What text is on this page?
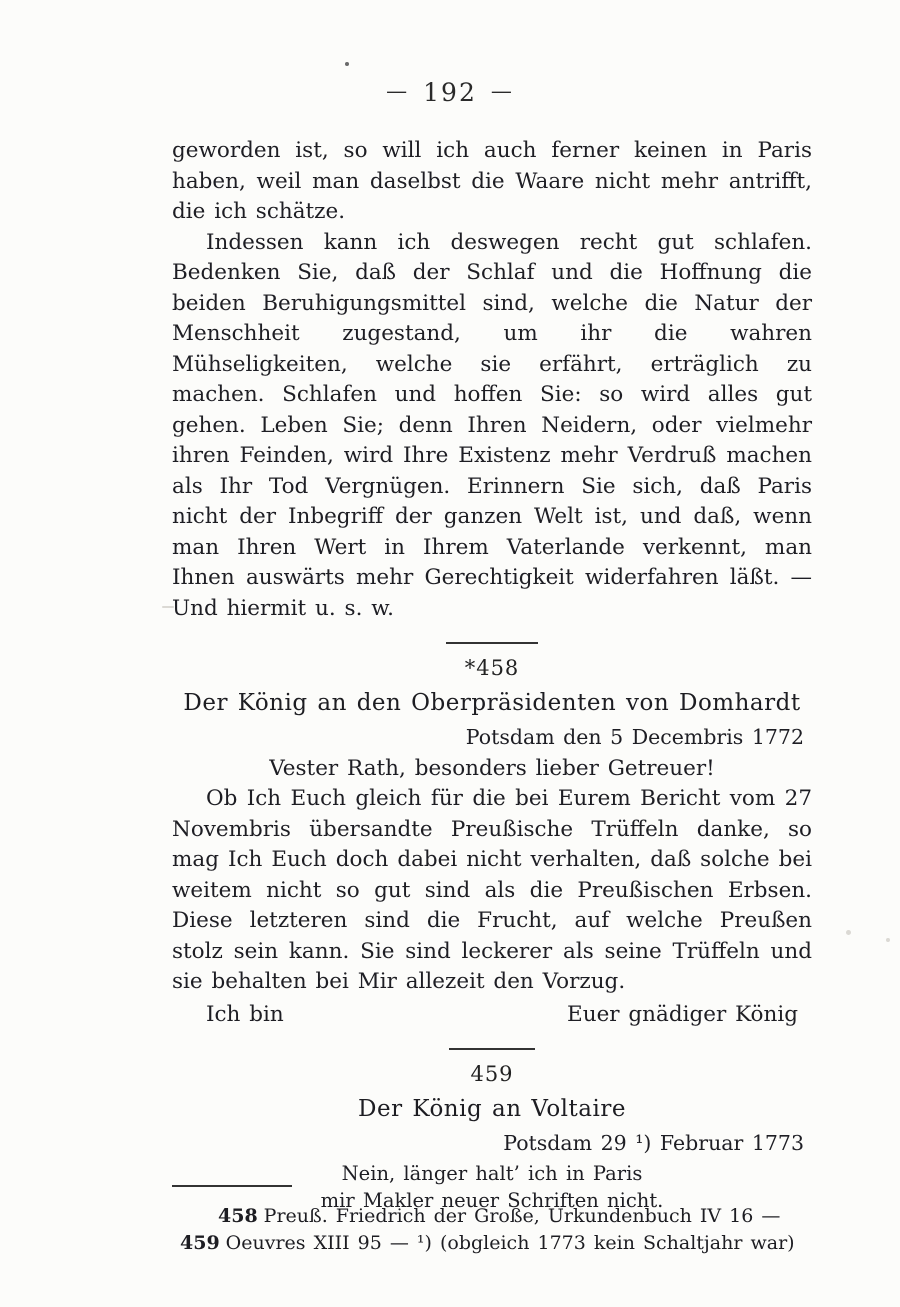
— 192 —

geworden ist, so will ich auch ferner keinen in Paris haben, weil man daselbst die Waare nicht mehr antrifft, die ich schätze.

Indessen kann ich deswegen recht gut schlafen. Bedenken Sie, daß der Schlaf und die Hoffnung die beiden Beruhigungsmittel sind, welche die Natur der Menschheit zugestand, um ihr die wahren Mühseligkeiten, welche sie erfährt, erträglich zu machen. Schlafen und hoffen Sie: so wird alles gut gehen. Leben Sie; denn Ihren Neidern, oder vielmehr ihren Feinden, wird Ihre Existenz mehr Verdruß machen als Ihr Tod Vergnügen. Erinnern Sie sich, daß Paris nicht der Inbegriff der ganzen Welt ist, und daß, wenn man Ihren Wert in Ihrem Vaterlande verkennt, man Ihnen auswärts mehr Gerechtigkeit widerfahren läßt. — Und hiermit u. s. w.

*458
Der König an den Oberpräsidenten von Domhardt
Potsdam den 5 Decembris 1772
Vester Rath, besonders lieber Getreuer!

Ob Ich Euch gleich für die bei Eurem Bericht vom 27 Novembris übersandte Preußische Trüffeln danke, so mag Ich Euch doch dabei nicht verhalten, daß solche bei weitem nicht so gut sind als die Preußischen Erbsen. Diese letzteren sind die Frucht, auf welche Preußen stolz sein kann. Sie sind leckerer als seine Trüffeln und sie behalten bei Mir allezeit den Vorzug.

Ich bin	Euer gnädiger König
459
Der König an Voltaire
Potsdam 29 ¹) Februar 1773
Nein, länger halt’ ich in Paris
mir Makler neuer Schriften nicht.
458 Preuß. Friedrich der Große, Urkundenbuch IV 16 —
459 Oeuvres XIII 95 — ¹) (obgleich 1773 kein Schaltjahr war)
